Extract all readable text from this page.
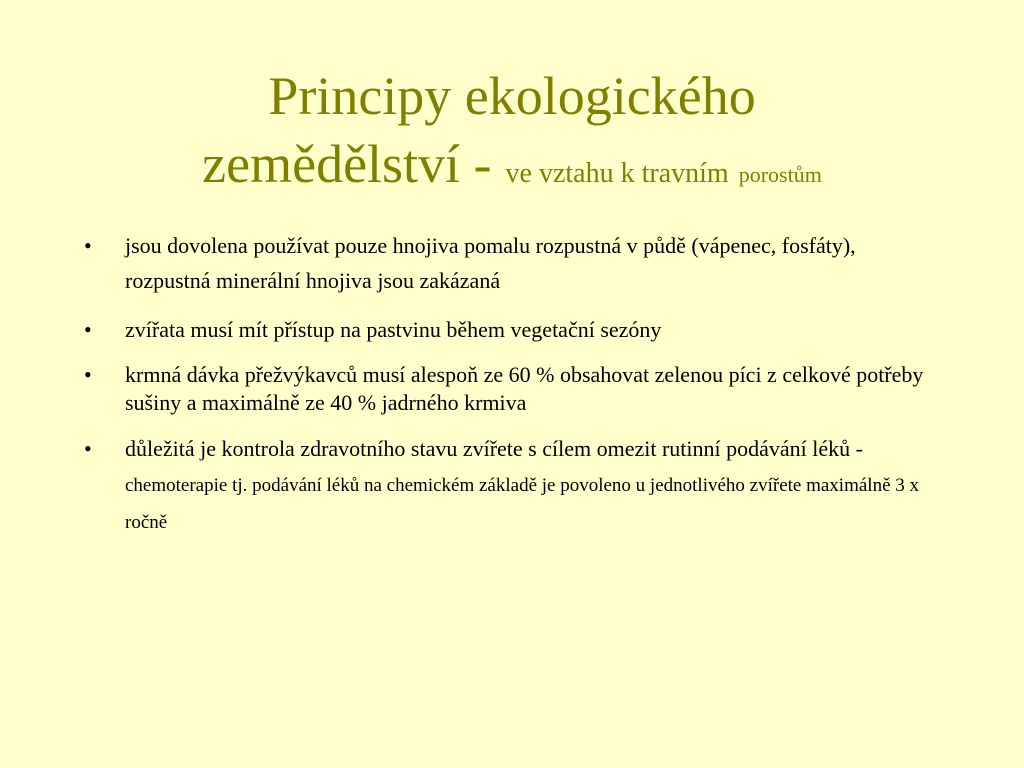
Principy ekologického
zemědělství - ve vztahu k travním porostům
• jsou dovolena používat pouze hnojiva pomalu rozpustná v půdě (vápenec, fosfáty), rozpustná minerální hnojiva jsou zakázaná
• zvířata musí mít přístup na pastvinu během vegetační sezóny
• krmná dávka přežvýkavců musí alespoň ze 60 % obsahovat zelenou píci z celkové potřeby sušiny a maximálně ze 40 % jadrného krmiva
• důležitá je kontrola zdravotního stavu zvířete s cílem omezit rutinní podávání léků - chemoterapie tj. podávání léků na chemickém základě je povoleno u jednotlivého zvířete maximálně 3 x ročně
